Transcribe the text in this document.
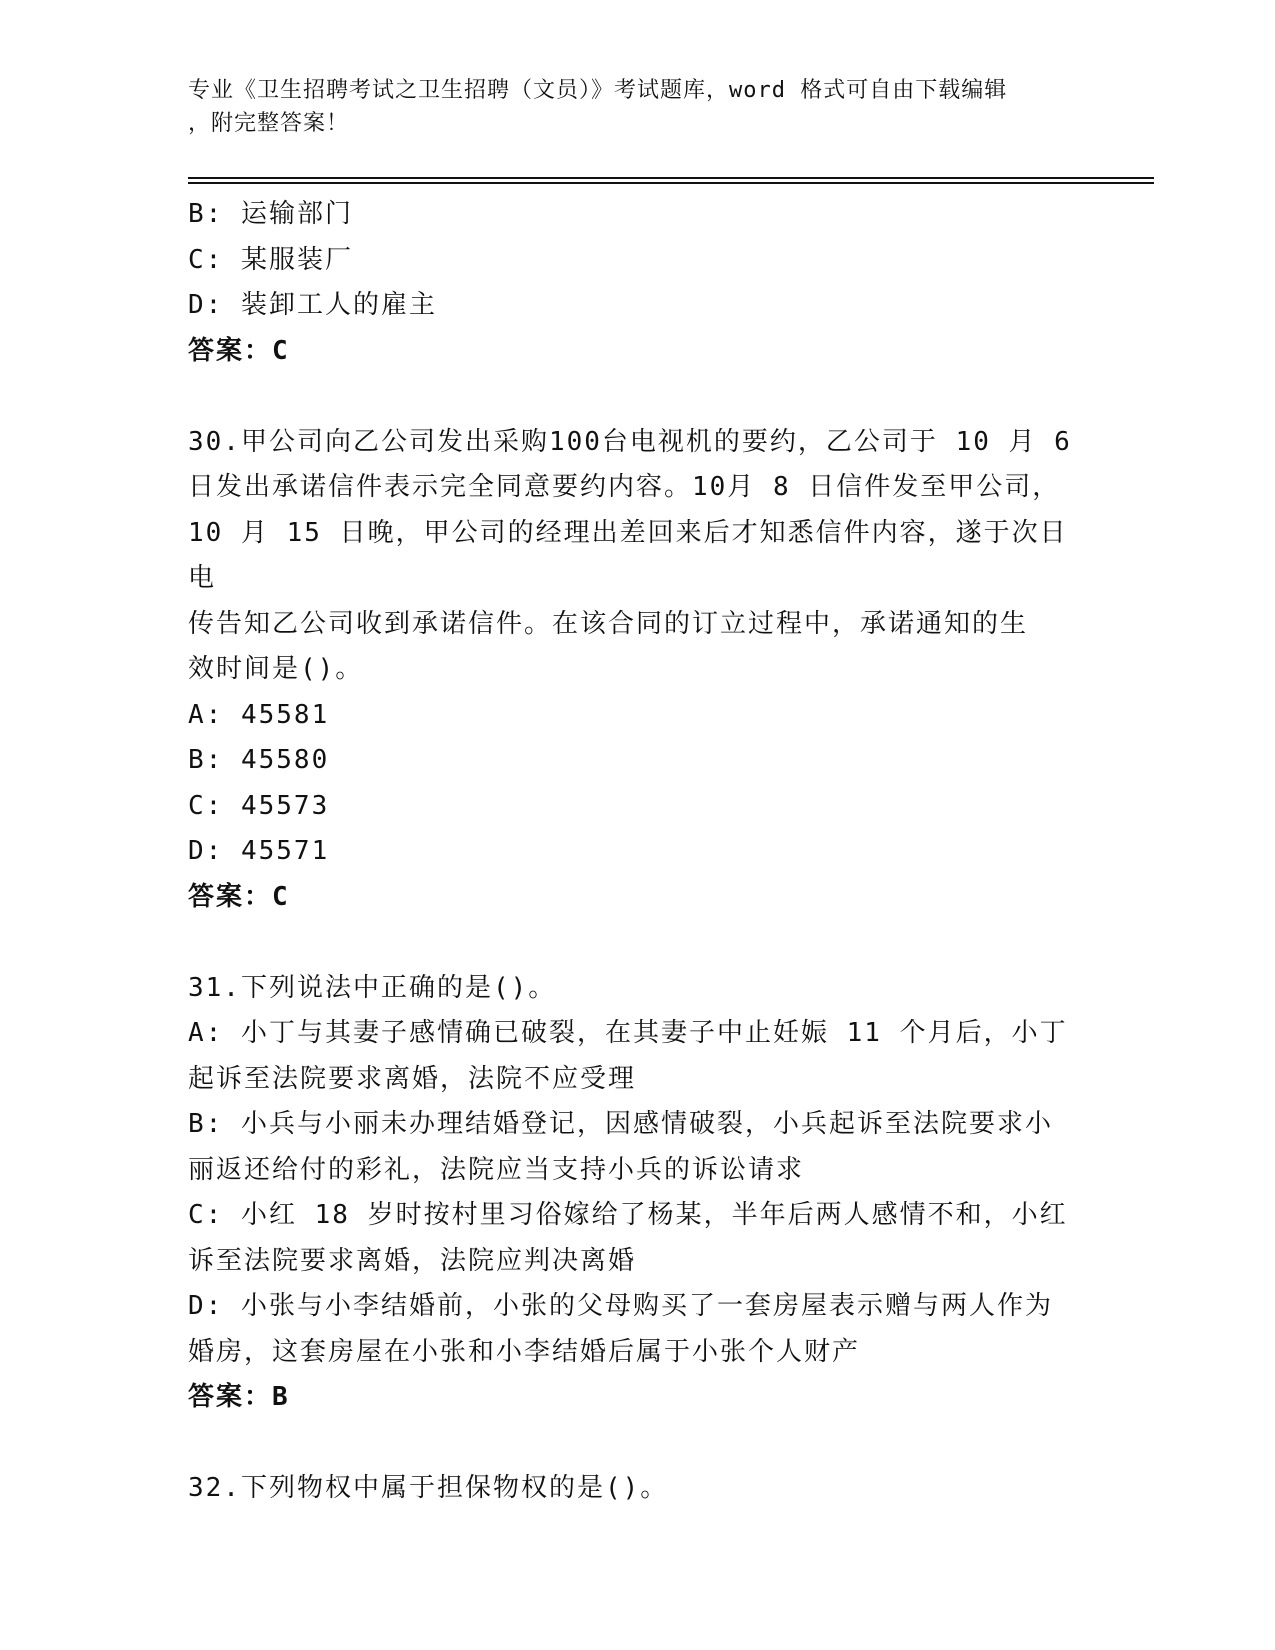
专业《卫生招聘考试之卫生招聘（文员）》考试题库，word 格式可自由下载编辑

，附完整答案！

B: 运输部门

C: 某服装厂

D: 装卸工人的雇主

答案：C

30.甲公司向乙公司发出采购100台电视机的要约，乙公司于 10 月 6

日发出承诺信件表示完全同意要约内容。10月 8 日信件发至甲公司，

10 月 15 日晚，甲公司的经理出差回来后才知悉信件内容，遂于次日电

传告知乙公司收到承诺信件。在该合同的订立过程中，承诺通知的生

效时间是()。

A: 45581

B: 45580

C: 45573

D: 45571

答案：C

31.下列说法中正确的是()。

A: 小丁与其妻子感情确已破裂，在其妻子中止妊娠 11 个月后，小丁

起诉至法院要求离婚，法院不应受理

B: 小兵与小丽未办理结婚登记，因感情破裂，小兵起诉至法院要求小

丽返还给付的彩礼，法院应当支持小兵的诉讼请求

C: 小红 18 岁时按村里习俗嫁给了杨某，半年后两人感情不和，小红

诉至法院要求离婚，法院应判决离婚

D: 小张与小李结婚前，小张的父母购买了一套房屋表示赠与两人作为

婚房，这套房屋在小张和小李结婚后属于小张个人财产

答案：B

32.下列物权中属于担保物权的是()。
